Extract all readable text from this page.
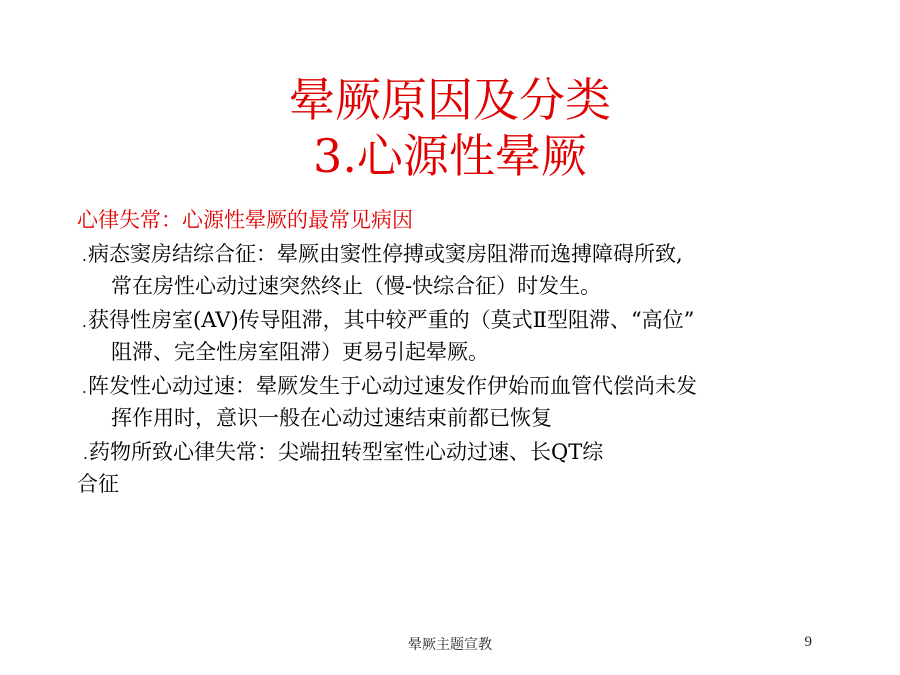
晕厥原因及分类
3.心源性晕厥
心律失常：心源性晕厥的最常见病因
.病态窦房结综合征：晕厥由窦性停搏或窦房阻滞而逸搏障碍所致,
常在房性心动过速突然终止（慢-快综合征）时发生。
.获得性房室(AV)传导阻滞，其中较严重的（莫式Ⅱ型阻滞、“高位”
阻滞、完全性房室阻滞）更易引起晕厥。
.阵发性心动过速：晕厥发生于心动过速发作伊始而血管代偿尚未发
挥作用时，意识一般在心动过速结束前都已恢复
.药物所致心律失常：尖端扭转型室性心动过速、长QT综
合征
晕厥主题宣教	9
